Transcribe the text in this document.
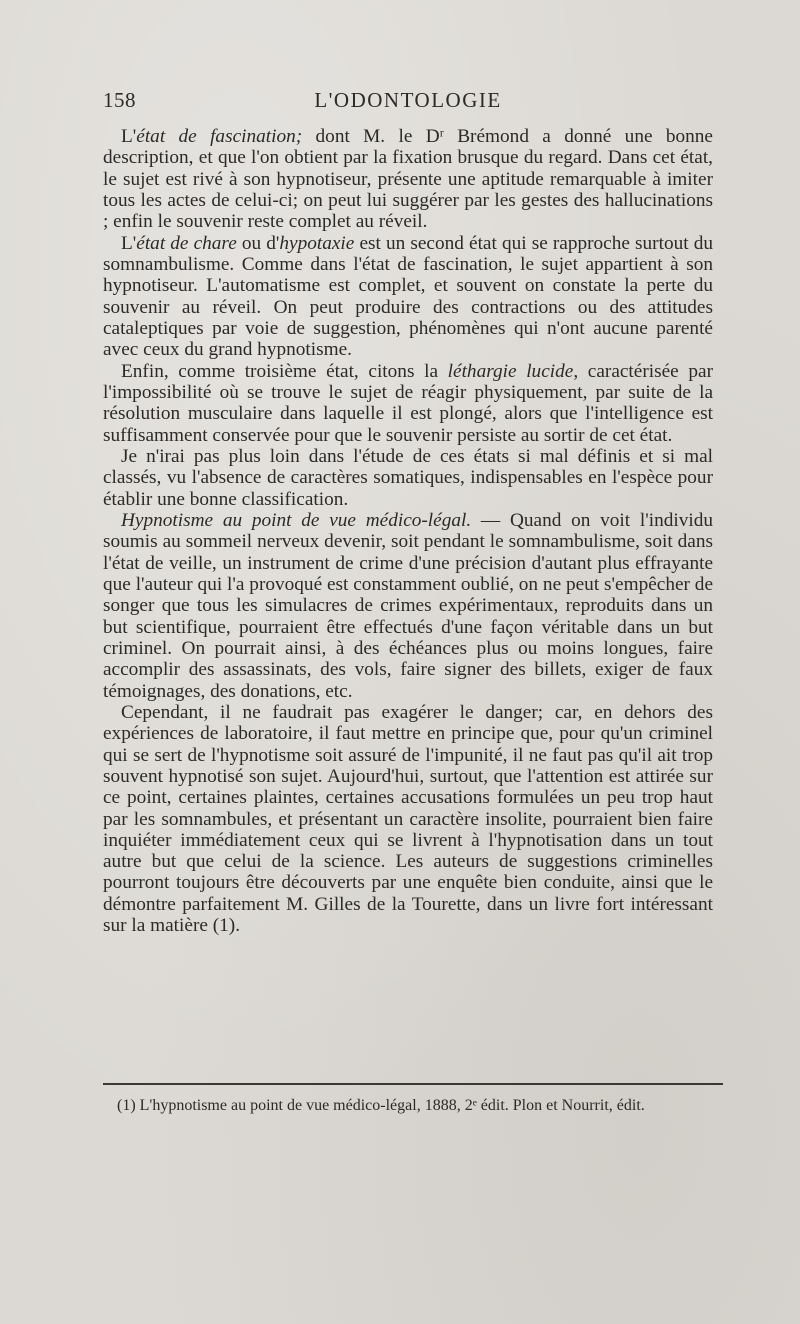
158	L'ODONTOLOGIE

L'état de fascination; dont M. le Dʳ Brémond a donné une bonne description, et que l'on obtient par la fixation brusque du regard. Dans cet état, le sujet est rivé à son hypnotiseur, présente une aptitude remarquable à imiter tous les actes de celui-ci; on peut lui suggérer par les gestes des hallucinations ; enfin le souvenir reste complet au réveil.

L'état de chare ou d'hypotaxie est un second état qui se rapproche surtout du somnambulisme. Comme dans l'état de fascination, le sujet appartient à son hypnotiseur. L'automatisme est complet, et souvent on constate la perte du souvenir au réveil. On peut produire des contractions ou des attitudes cataleptiques par voie de suggestion, phénomènes qui n'ont aucune parenté avec ceux du grand hypnotisme.

Enfin, comme troisième état, citons la léthargie lucide, caractérisée par l'impossibilité où se trouve le sujet de réagir physiquement, par suite de la résolution musculaire dans laquelle il est plongé, alors que l'intelligence est suffisamment conservée pour que le souvenir persiste au sortir de cet état.

Je n'irai pas plus loin dans l'étude de ces états si mal définis et si mal classés, vu l'absence de caractères somatiques, indispensables en l'espèce pour établir une bonne classification.

Hypnotisme au point de vue médico-légal. — Quand on voit l'individu soumis au sommeil nerveux devenir, soit pendant le somnambulisme, soit dans l'état de veille, un instrument de crime d'une précision d'autant plus effrayante que l'auteur qui l'a provoqué est constamment oublié, on ne peut s'empêcher de songer que tous les simulacres de crimes expérimentaux, reproduits dans un but scientifique, pourraient être effectués d'une façon véritable dans un but criminel. On pourrait ainsi, à des échéances plus ou moins longues, faire accomplir des assassinats, des vols, faire signer des billets, exiger de faux témoignages, des donations, etc.

Cependant, il ne faudrait pas exagérer le danger; car, en dehors des expériences de laboratoire, il faut mettre en principe que, pour qu'un criminel qui se sert de l'hypnotisme soit assuré de l'impunité, il ne faut pas qu'il ait trop souvent hypnotisé son sujet. Aujourd'hui, surtout, que l'attention est attirée sur ce point, certaines plaintes, certaines accusations formulées un peu trop haut par les somnambules, et présentant un caractère insolite, pourraient bien faire inquiéter immédiatement ceux qui se livrent à l'hypnotisation dans un tout autre but que celui de la science. Les auteurs de suggestions criminelles pourront toujours être découverts par une enquête bien conduite, ainsi que le démontre parfaitement M. Gilles de la Tourette, dans un livre fort intéressant sur la matière (1).

(1) L'hypnotisme au point de vue médico-légal, 1888, 2ᵉ édit. Plon et Nourrit, édit.
